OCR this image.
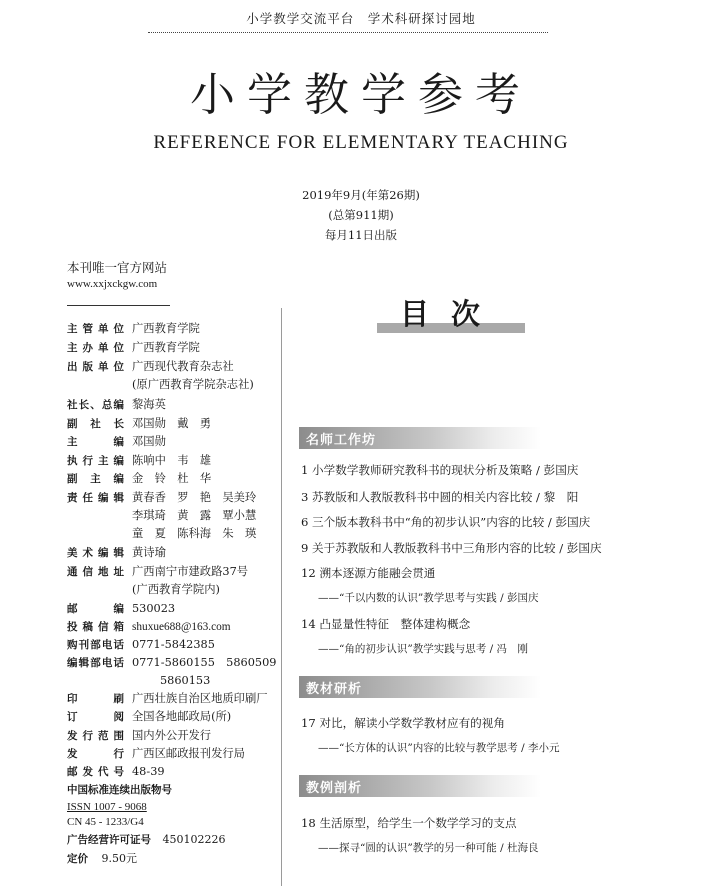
小学教学交流平台　学术科研探讨园地
小学教学参考
REFERENCE FOR ELEMENTARY TEACHING
2019年9月(年第26期)
(总第911期)
每月11日出版
本刊唯一官方网站
www.xxjxckgw.com
目次
主管单位 广西教育学院
主办单位 广西教育学院
出版单位 广西现代教育杂志社
(原广西教育学院杂志社)
社长、总编 黎海英
副社长 邓国勋　戴　勇
主编 邓国勋
执行主编 陈响中　韦　雄
副主编 金　铃　杜　华
责任编辑 黄春香　罗　艳　吴美玲
李琪琦　黄　露　覃小慧
童　夏　陈科海　朱　瑛
美术编辑 黄诗瑜
通信地址 广西南宁市建政路37号
(广西教育学院内)
邮编 530023
投稿信箱 shuxue688@163.com
购刊部电话 0771-5842385
编辑部电话 0771-5860155　5860509
5860153
印刷 广西壮族自治区地质印刷厂
订阅 全国各地邮政局(所)
发行范围 国内外公开发行
发行 广西区邮政报刊发行局
邮发代号 48-39
中国标准连续出版物号
ISSN 1007 - 9068
CN 45 - 1233/G4
广告经营许可证号 450102226
定价 9.50元
名师工作坊
1 小学数学教师研究教科书的现状分析及策略 / 彭国庆
3 苏教版和人教版教科书中圆的相关内容比较 / 黎　阳
6 三个版本教科书中“角的初步认识”内容的比较 / 彭国庆
9 关于苏教版和人教版教科书中三角形内容的比较 / 彭国庆
12 溯本逐源方能融会贯通
——“千以内数的认识”教学思考与实践 / 彭国庆
14 凸显量性特征　整体建构概念
——“角的初步认识”教学实践与思考 / 冯　刚
教材研析
17 对比，解读小学数学教材应有的视角
——“长方体的认识”内容的比较与教学思考 / 李小元
教例剖析
18 生活原型，给学生一个数学学习的支点
——探寻“圆的认识”教学的另一种可能 / 杜海良
